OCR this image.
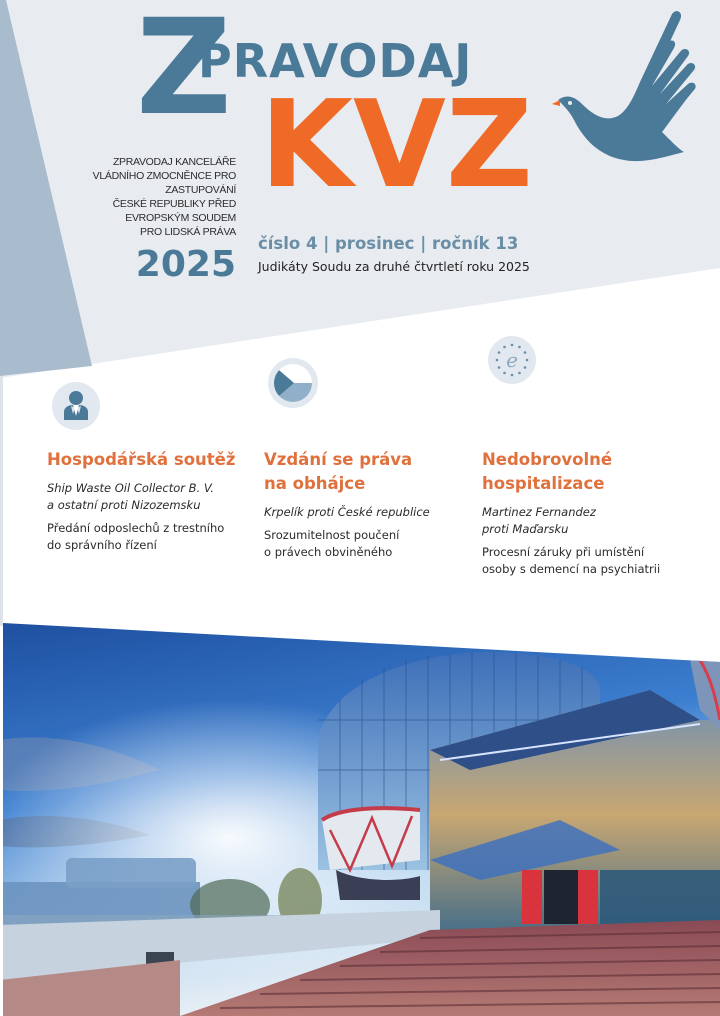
Z
PRAVODAJ
KVZ
ZPRAVODAJ KANCELÁŘE
VLÁDNÍHO ZMOCNĚNCE PRO
ZASTUPOVÁNÍ
ČESKÉ REPUBLIKY PŘED
EVROPSKÝM SOUDEM
PRO LIDSKÁ PRÁVA
2025
číslo 4 | prosinec | ročník 13
Judikáty Soudu za druhé čtvrtletí roku 2025
e
Hospodářská soutěž
Ship Waste Oil Collector B. V.
a ostatní proti Nizozemsku
Předání odposlechů z trestního
do správního řízení
Vzdání se práva
na obhájce
Krpelík proti České republice
Srozumitelnost poučení
o právech obviněného
Nedobrovolné
hospitalizace
Martinez Fernandez
proti Maďarsku
Procesní záruky při umístění
osoby s demencí na psychiatrii
